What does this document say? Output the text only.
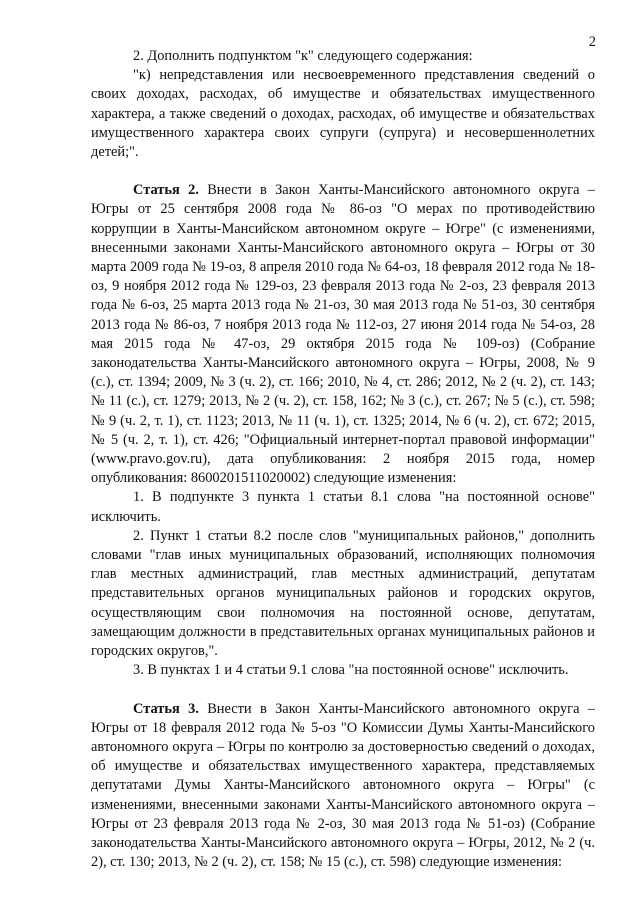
2

2. Дополнить подпунктом "к" следующего содержания:

"к) непредставления или несвоевременного представления сведений о своих доходах, расходах, об имуществе и обязательствах имущественного характера, а также сведений о доходах, расходах, об имуществе и обязательствах имущественного характера своих супруги (супруга) и несовершеннолетних детей;".

Статья 2. Внести в Закон Ханты-Мансийского автономного округа – Югры от 25 сентября 2008 года № 86-оз "О мерах по противодействию коррупции в Ханты-Мансийском автономном округе – Югре" (с изменениями, внесенными законами Ханты-Мансийского автономного округа – Югры от 30 марта 2009 года № 19-оз, 8 апреля 2010 года № 64-оз, 18 февраля 2012 года № 18-оз, 9 ноября 2012 года № 129-оз, 23 февраля 2013 года № 2-оз, 23 февраля 2013 года № 6-оз, 25 марта 2013 года № 21-оз, 30 мая 2013 года № 51-оз, 30 сентября 2013 года № 86-оз, 7 ноября 2013 года № 112-оз, 27 июня 2014 года № 54-оз, 28 мая 2015 года № 47-оз, 29 октября 2015 года № 109-оз) (Собрание законодательства Ханты-Мансийского автономного округа – Югры, 2008, № 9 (с.), ст. 1394; 2009, № 3 (ч. 2), ст. 166; 2010, № 4, ст. 286; 2012, № 2 (ч. 2), ст. 143; № 11 (с.), ст. 1279; 2013, № 2 (ч. 2), ст. 158, 162; № 3 (с.), ст. 267; № 5 (с.), ст. 598; № 9 (ч. 2, т. 1), ст. 1123; 2013, № 11 (ч. 1), ст. 1325; 2014, № 6 (ч. 2), ст. 672; 2015, № 5 (ч. 2, т. 1), ст. 426; "Официальный интернет-портал правовой информации" (www.pravo.gov.ru), дата опубликования: 2 ноября 2015 года, номер опубликования: 8600201511020002) следующие изменения:

1. В подпункте 3 пункта 1 статьи 8.1 слова "на постоянной основе" исключить.

2. Пункт 1 статьи 8.2 после слов "муниципальных районов," дополнить словами "глав иных муниципальных образований, исполняющих полномочия глав местных администраций, глав местных администраций, депутатам представительных органов муниципальных районов и городских округов, осуществляющим свои полномочия на постоянной основе, депутатам, замещающим должности в представительных органах муниципальных районов и городских округов,".

3. В пунктах 1 и 4 статьи 9.1 слова "на постоянной основе" исключить.

Статья 3. Внести в Закон Ханты-Мансийского автономного округа – Югры от 18 февраля 2012 года № 5-оз "О Комиссии Думы Ханты-Мансийского автономного округа – Югры по контролю за достоверностью сведений о доходах, об имуществе и обязательствах имущественного характера, представляемых депутатами Думы Ханты-Мансийского автономного округа – Югры" (с изменениями, внесенными законами Ханты-Мансийского автономного округа – Югры от 23 февраля 2013 года № 2-оз, 30 мая 2013 года № 51-оз) (Собрание законодательства Ханты-Мансийского автономного округа – Югры, 2012, № 2 (ч. 2), ст. 130; 2013, № 2 (ч. 2), ст. 158; № 15 (с.), ст. 598) следующие изменения:
